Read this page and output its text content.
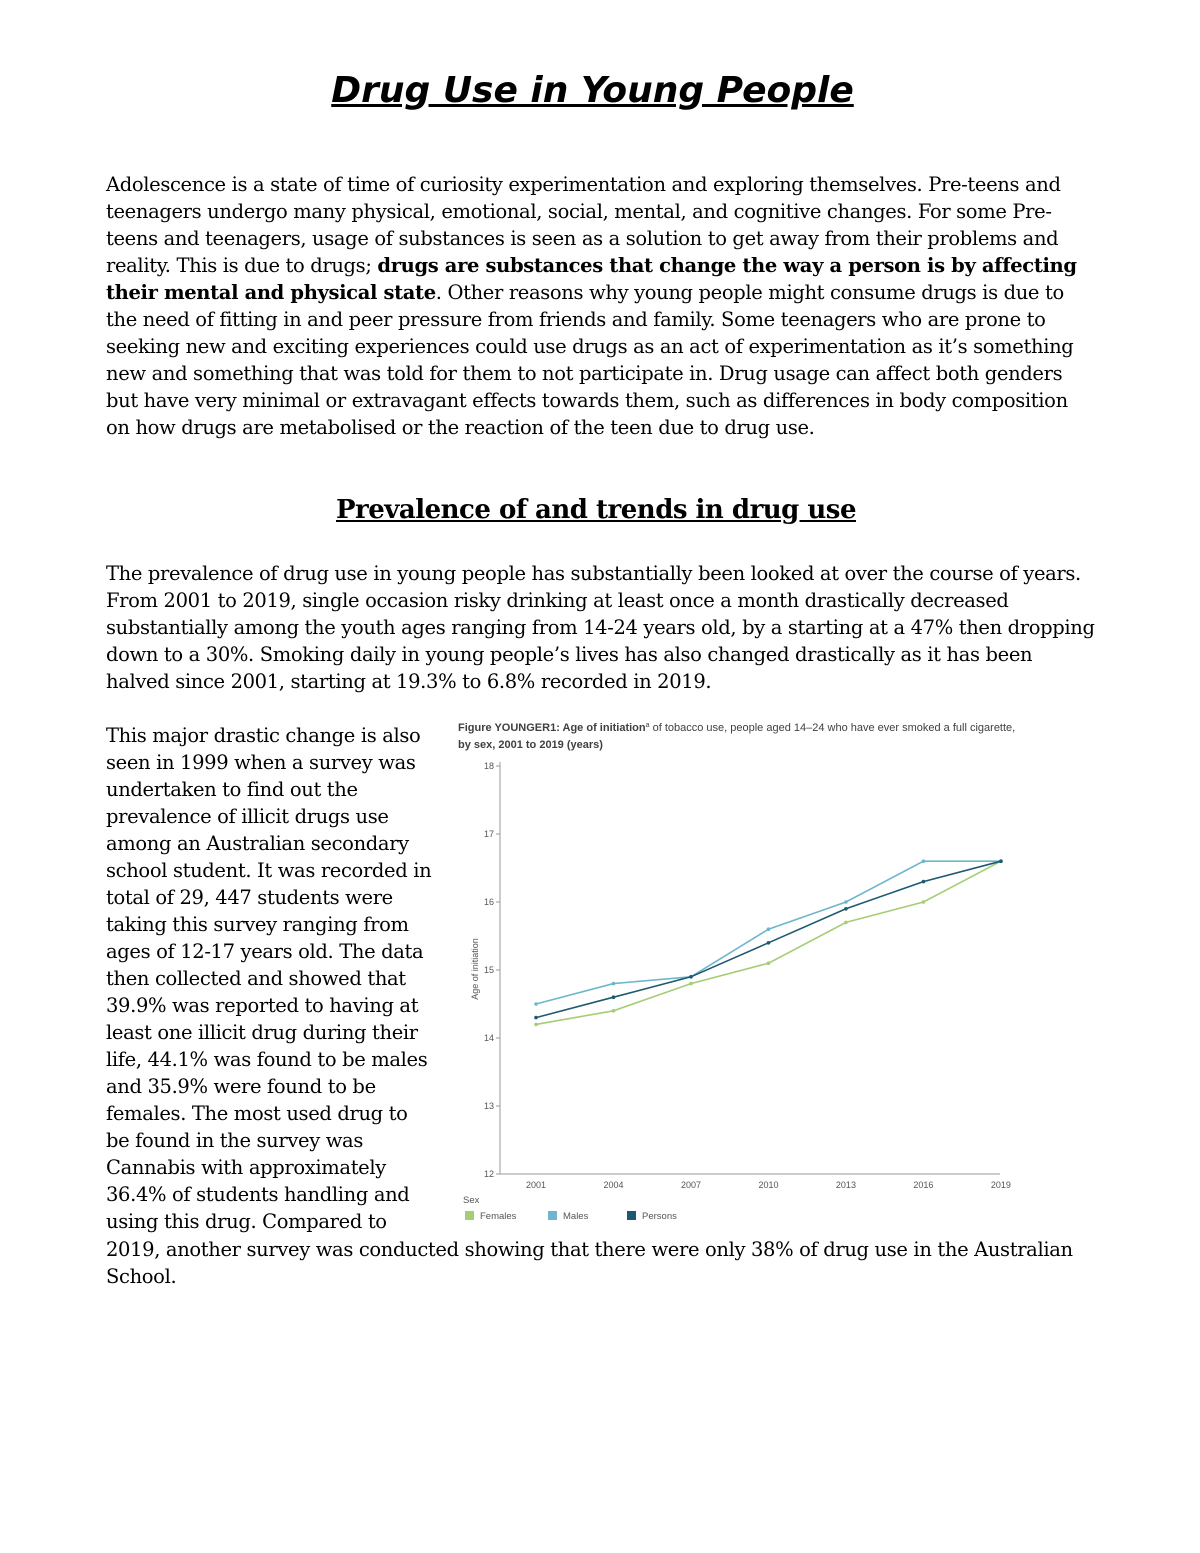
Drug Use in Young People

Adolescence is a state of time of curiosity experimentation and exploring themselves. Pre-teens and teenagers undergo many physical, emotional, social, mental, and cognitive changes. For some Pre-teens and teenagers, usage of substances is seen as a solution to get away from their problems and reality. This is due to drugs; drugs are substances that change the way a person is by affecting their mental and physical state. Other reasons why young people might consume drugs is due to the need of fitting in and peer pressure from friends and family. Some teenagers who are prone to seeking new and exciting experiences could use drugs as an act of experimentation as it’s something new and something that was told for them to not participate in. Drug usage can affect both genders but have very minimal or extravagant effects towards them, such as differences in body composition on how drugs are metabolised or the reaction of the teen due to drug use.

Prevalence of and trends in drug use

The prevalence of drug use in young people has substantially been looked at over the course of years. From 2001 to 2019, single occasion risky drinking at least once a month drastically decreased substantially among the youth ages ranging from 14-24 years old, by a starting at a 47% then dropping down to a 30%. Smoking daily in young people’s lives has also changed drastically as it has been halved since 2001, starting at 19.3% to 6.8% recorded in 2019.

This major drastic change is also seen in 1999 when a survey was undertaken to find out the prevalence of illicit drugs use among an Australian secondary school student. It was recorded in total of 29, 447 students were taking this survey ranging from ages of 12-17 years old. The data then collected and showed that 39.9% was reported to having at least one illicit drug during their life, 44.1% was found to be males and 35.9% were found to be females. The most used drug to be found in the survey was Cannabis with approximately 36.4% of students handling and using this drug. Compared to

Figure YOUNGER1: Age of initiation$^a$ of tobacco use, people aged 14–24 who have ever smoked a full cigarette,
by sex, 2001 to 2019 (years)
Age of initiation
12
13
14
15
16
17
18
2001	2004	2007	2010	2013	2016	2019
Sex
Females	Males	Persons

2019, another survey was conducted showing that there were only 38% of drug use in the Australian School.
